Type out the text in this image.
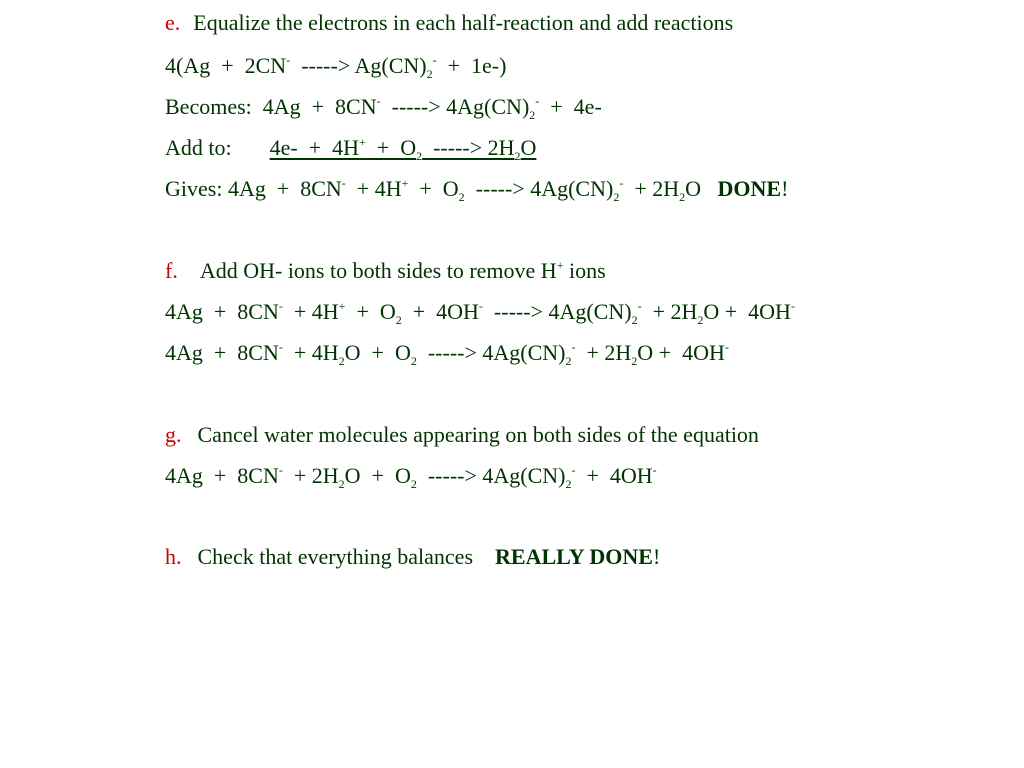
e. Equalize the electrons in each half-reaction and add reactions
4(Ag  +  2CN-  -----> $Ag(CN)_2^- + 1e-$)
Becomes:  4Ag  +  8CN-  -----> $4Ag(CN)_2^- + 4e-$
Add to: $4e- + 4H^+ + O_2$  -----> $2H_2O$
Gives: $4Ag + 8CN^- + 4H^+ + O_2$  -----> $4Ag(CN)_2^- + 2H_2O$   DONE!
f. Add OH- ions to both sides to remove H+ ions
$4Ag + 8CN^- + 4H^+ + O_2 + 4OH^-$  -----> $4Ag(CN)_2^- + 2H_2O + 4OH^-$
$4Ag + 8CN^- + 4H_2O + O_2$  -----> $4Ag(CN)_2^- + 2H_2O + 4OH^-$
g. Cancel water molecules appearing on both sides of the equation
$4Ag + 8CN^- + 2H_2O + O_2$  -----> $4Ag(CN)_2^- + 4OH^-$
h. Check that everything balances    REALLY DONE!
